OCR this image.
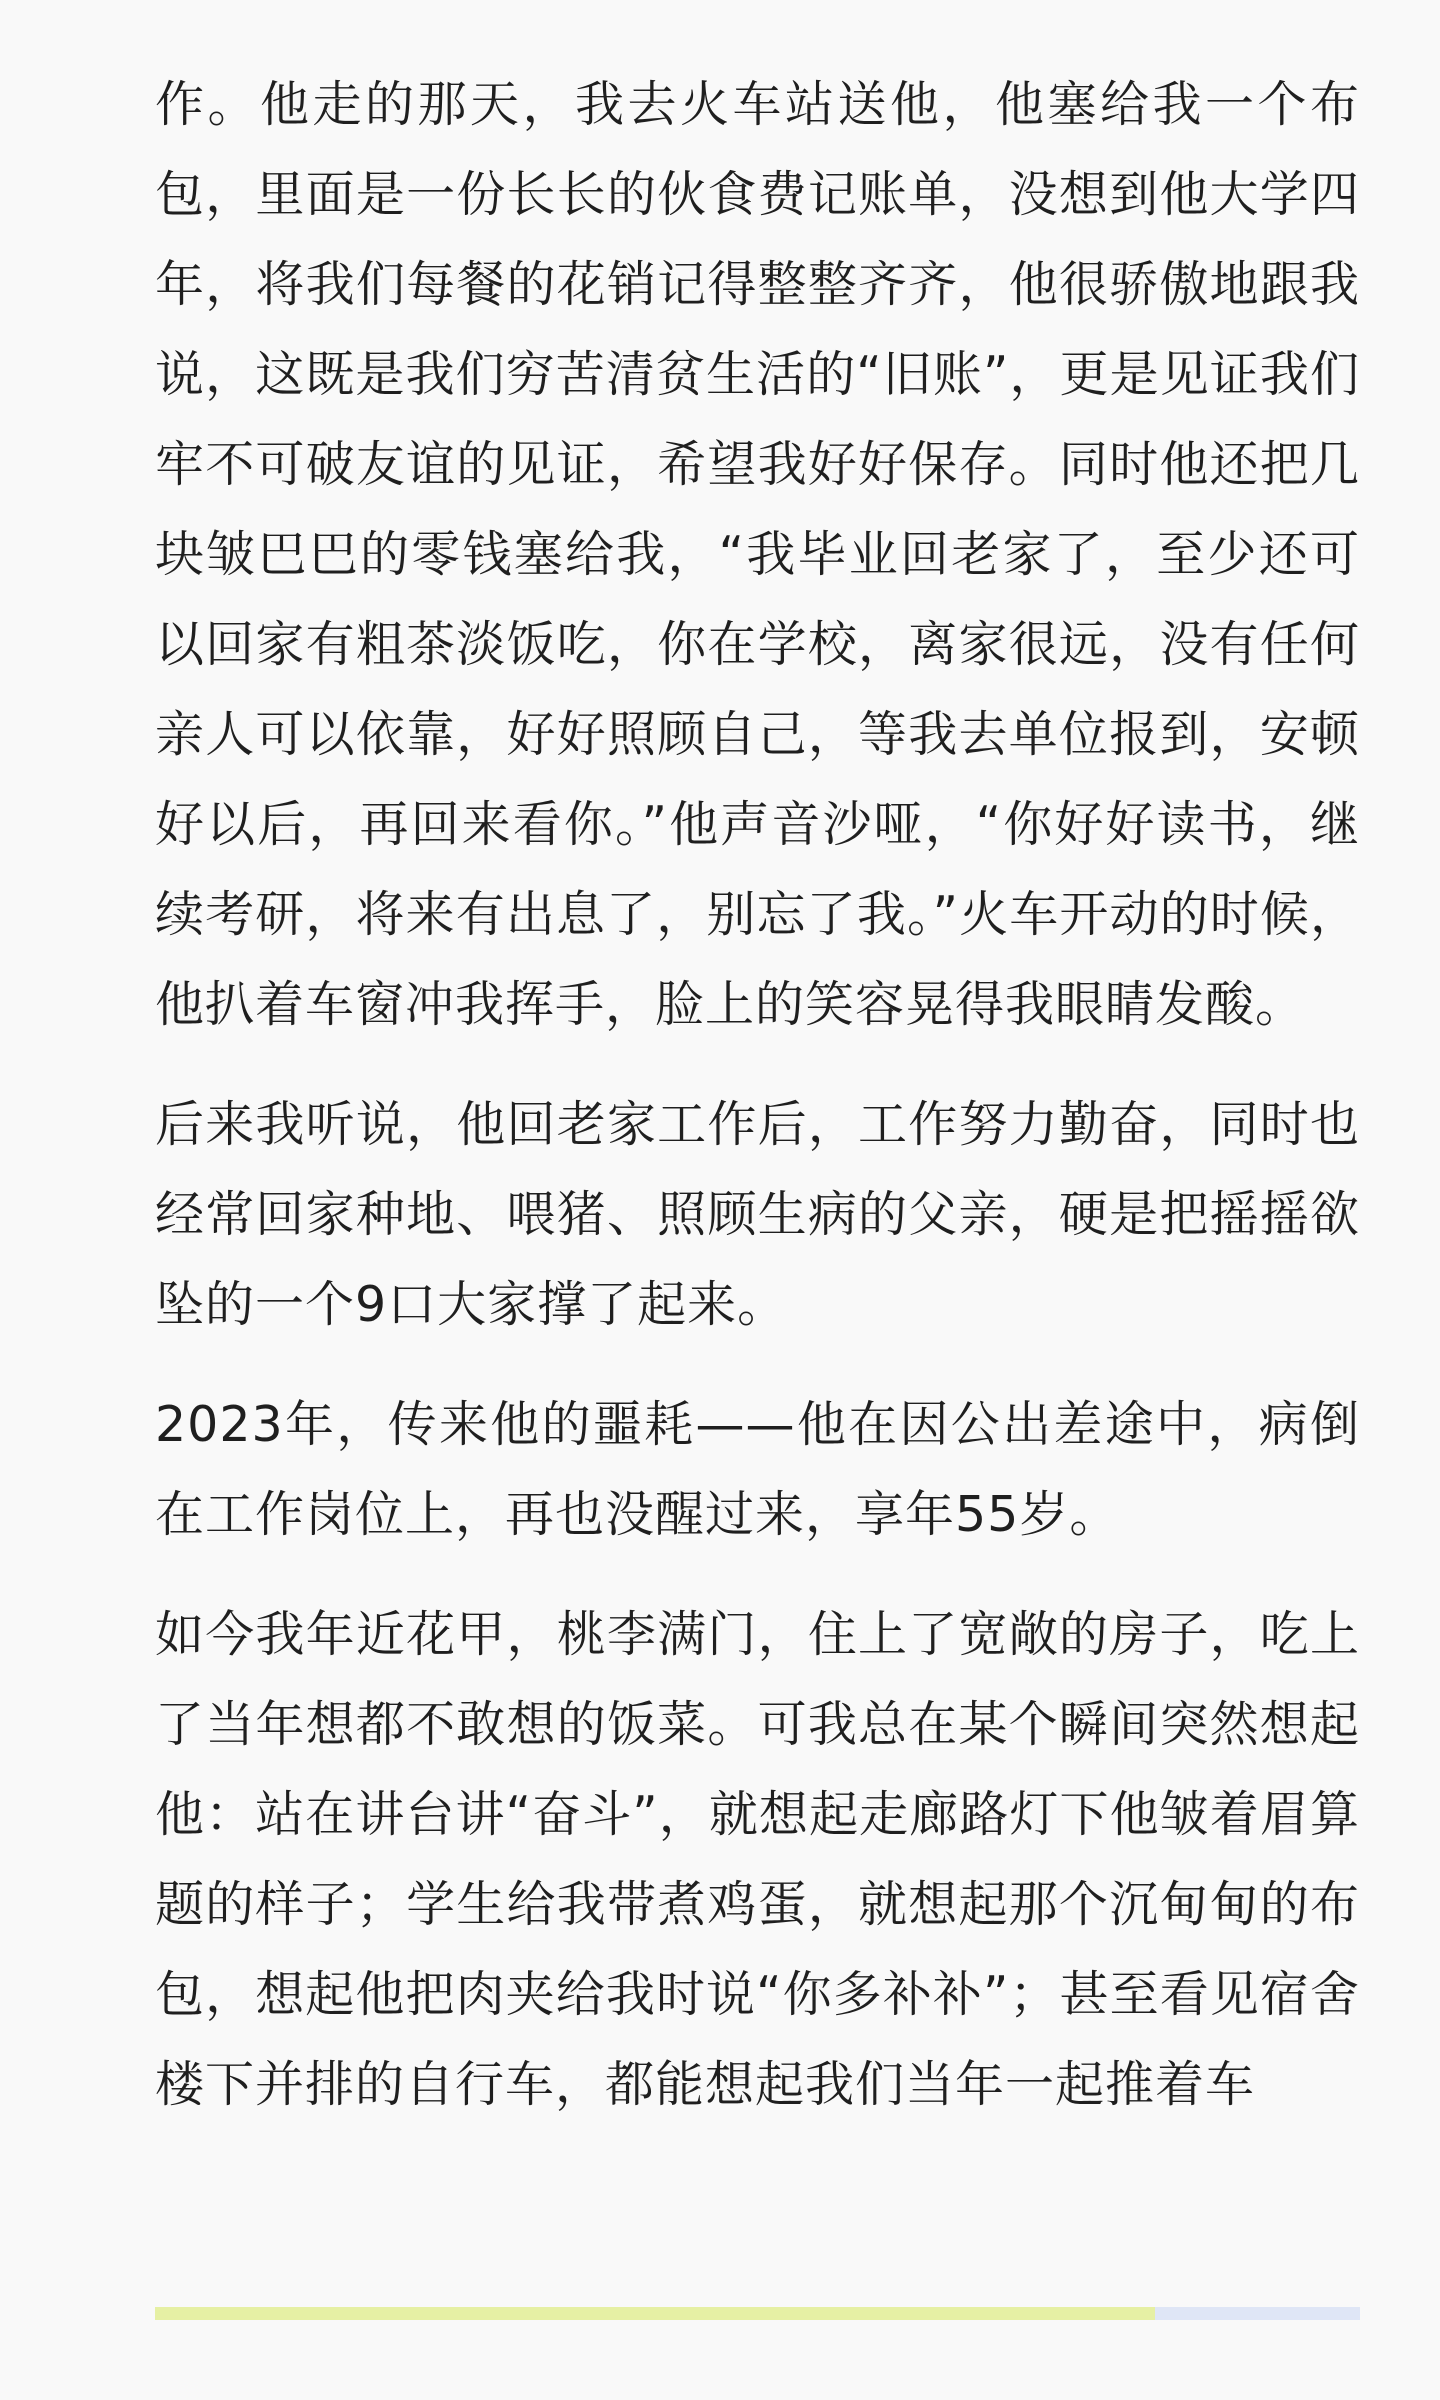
作。他走的那天，我去火车站送他，他塞给我一个布包，里面是一份长长的伙食费记账单，没想到他大学四年，将我们每餐的花销记得整整齐齐，他很骄傲地跟我说，这既是我们穷苦清贫生活的“旧账”，更是见证我们牢不可破友谊的见证，希望我好好保存。同时他还把几块皱巴巴的零钱塞给我，“我毕业回老家了，至少还可以回家有粗茶淡饭吃，你在学校，离家很远，没有任何亲人可以依靠，好好照顾自己，等我去单位报到，安顿好以后，再回来看你。”他声音沙哑，“你好好读书，继续考研，将来有出息了，别忘了我。”火车开动的时候，他扒着车窗冲我挥手，脸上的笑容晃得我眼睛发酸。

后来我听说，他回老家工作后，工作努力勤奋，同时也经常回家种地、喂猪、照顾生病的父亲，硬是把摇摇欲坠的一个9口大家撑了起来。

2023年，传来他的噩耗——他在因公出差途中，病倒在工作岗位上，再也没醒过来，享年55岁。

如今我年近花甲，桃李满门，住上了宽敞的房子，吃上了当年想都不敢想的饭菜。可我总在某个瞬间突然想起他：站在讲台讲“奋斗”，就想起走廊路灯下他皱着眉算题的样子；学生给我带煮鸡蛋，就想起那个沉甸甸的布包，想起他把肉夹给我时说“你多补补”；甚至看见宿舍楼下并排的自行车，都能想起我们当年一起推着车
